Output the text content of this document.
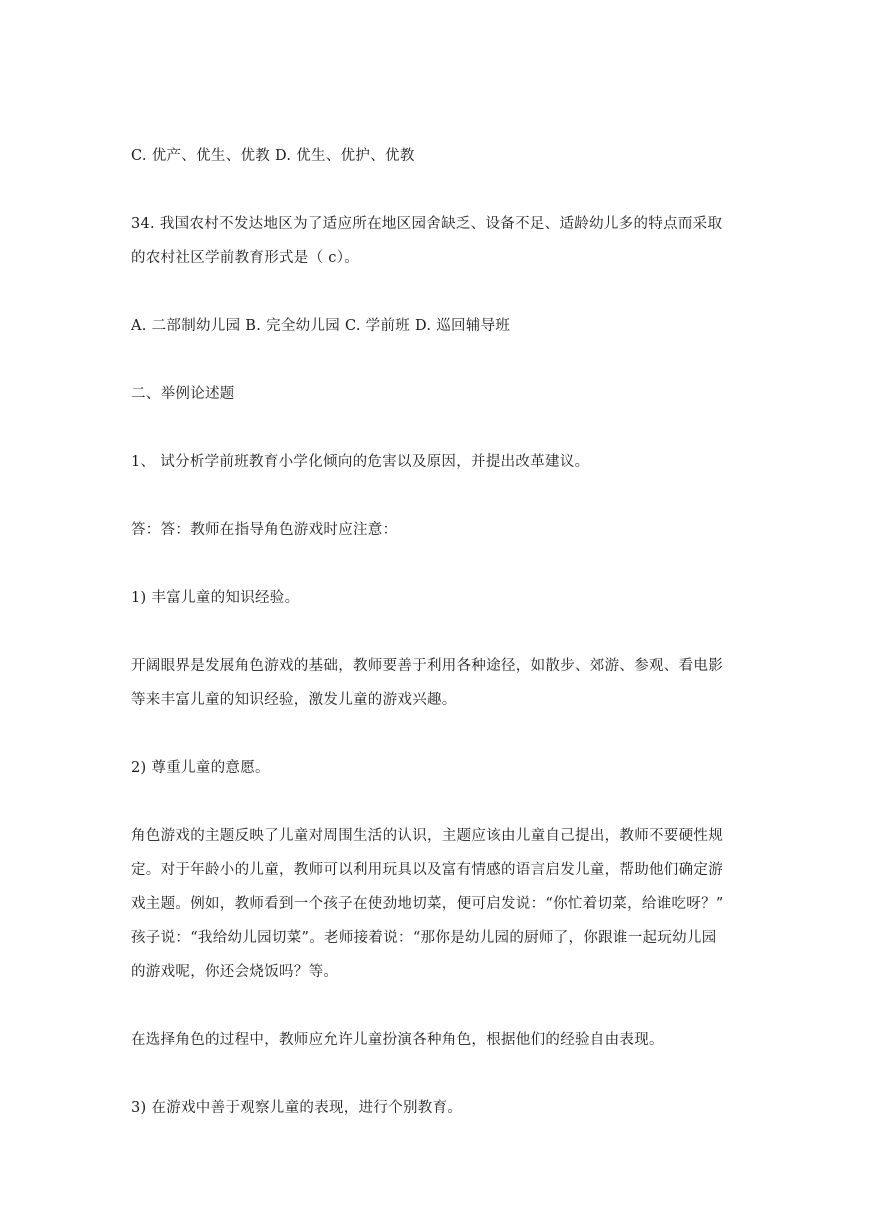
C. 优产、优生、优教 D. 优生、优护、优教
34. 我国农村不发达地区为了适应所在地区园舍缺乏、设备不足、适龄幼儿多的特点而采取
的农村社区学前教育形式是（ c）。
A. 二部制幼儿园 B. 完全幼儿园 C. 学前班 D. 巡回辅导班
二、举例论述题
1、 试分析学前班教育小学化倾向的危害以及原因，并提出改革建议。
答：答：教师在指导角色游戏时应注意：
1) 丰富儿童的知识经验。
开阔眼界是发展角色游戏的基础，教师要善于利用各种途径，如散步、郊游、参观、看电影
等来丰富儿童的知识经验，激发儿童的游戏兴趣。
2) 尊重儿童的意愿。
角色游戏的主题反映了儿童对周围生活的认识，主题应该由儿童自己提出，教师不要硬性规
定。对于年龄小的儿童，教师可以利用玩具以及富有情感的语言启发儿童，帮助他们确定游
戏主题。例如，教师看到一个孩子在使劲地切菜，便可启发说：“你忙着切菜，给谁吃呀？”
孩子说：“我给幼儿园切菜”。老师接着说：“那你是幼儿园的厨师了，你跟谁一起玩幼儿园
的游戏呢，你还会烧饭吗？等。
在选择角色的过程中，教师应允许儿童扮演各种角色，根据他们的经验自由表现。
3) 在游戏中善于观察儿童的表现，进行个别教育。
